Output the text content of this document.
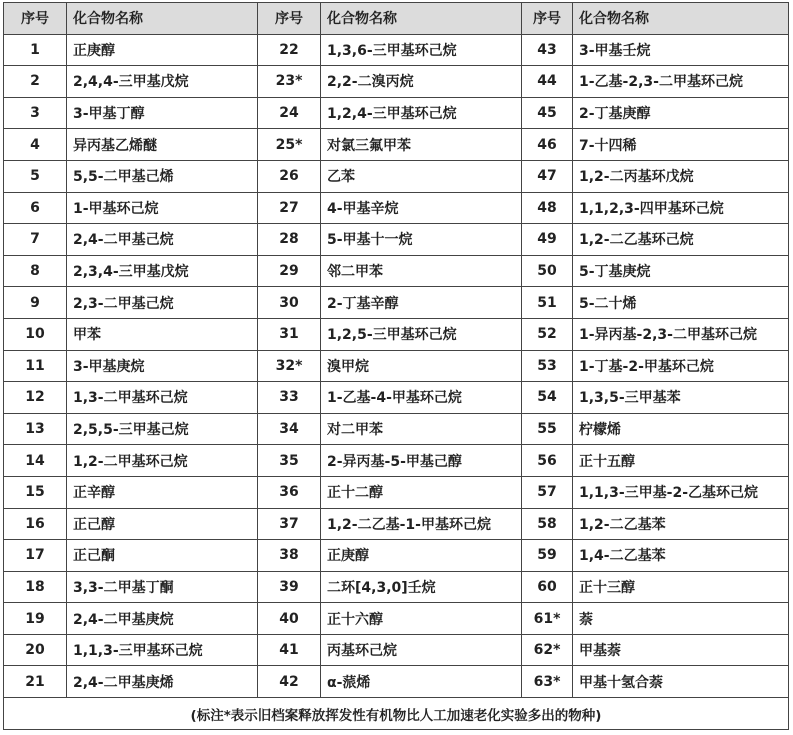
序号	化合物名称	序号	化合物名称	序号	化合物名称
1	正庚醇	22	1,3,6-三甲基环己烷	43	3-甲基壬烷
2	2,4,4-三甲基戊烷	23*	2,2-二溴丙烷	44	1-乙基-2,3-二甲基环己烷
3	3-甲基丁醇	24	1,2,4-三甲基环己烷	45	2-丁基庚醇
4	异丙基乙烯醚	25*	对氯三氟甲苯	46	7-十四稀
5	5,5-二甲基己烯	26	乙苯	47	1,2-二丙基环戊烷
6	1-甲基环己烷	27	4-甲基辛烷	48	1,1,2,3-四甲基环己烷
7	2,4-二甲基己烷	28	5-甲基十一烷	49	1,2-二乙基环己烷
8	2,3,4-三甲基戊烷	29	邻二甲苯	50	5-丁基庚烷
9	2,3-二甲基己烷	30	2-丁基辛醇	51	5-二十烯
10	甲苯	31	1,2,5-三甲基环己烷	52	1-异丙基-2,3-二甲基环己烷
11	3-甲基庚烷	32*	溴甲烷	53	1-丁基-2-甲基环己烷
12	1,3-二甲基环己烷	33	1-乙基-4-甲基环己烷	54	1,3,5-三甲基苯
13	2,5,5-三甲基己烷	34	对二甲苯	55	柠檬烯
14	1,2-二甲基环己烷	35	2-异丙基-5-甲基己醇	56	正十五醇
15	正辛醇	36	正十二醇	57	1,1,3-三甲基-2-乙基环己烷
16	正己醇	37	1,2-二乙基-1-甲基环己烷	58	1,2-二乙基苯
17	正己酮	38	正庚醇	59	1,4-二乙基苯
18	3,3-二甲基丁酮	39	二环[4,3,0]壬烷	60	正十三醇
19	2,4-二甲基庚烷	40	正十六醇	61*	萘
20	1,1,3-三甲基环己烷	41	丙基环己烷	62*	甲基萘
21	2,4-二甲基庚烯	42	α-蒎烯	63*	甲基十氢合萘
(标注*表示旧档案释放挥发性有机物比人工加速老化实验多出的物种)					
